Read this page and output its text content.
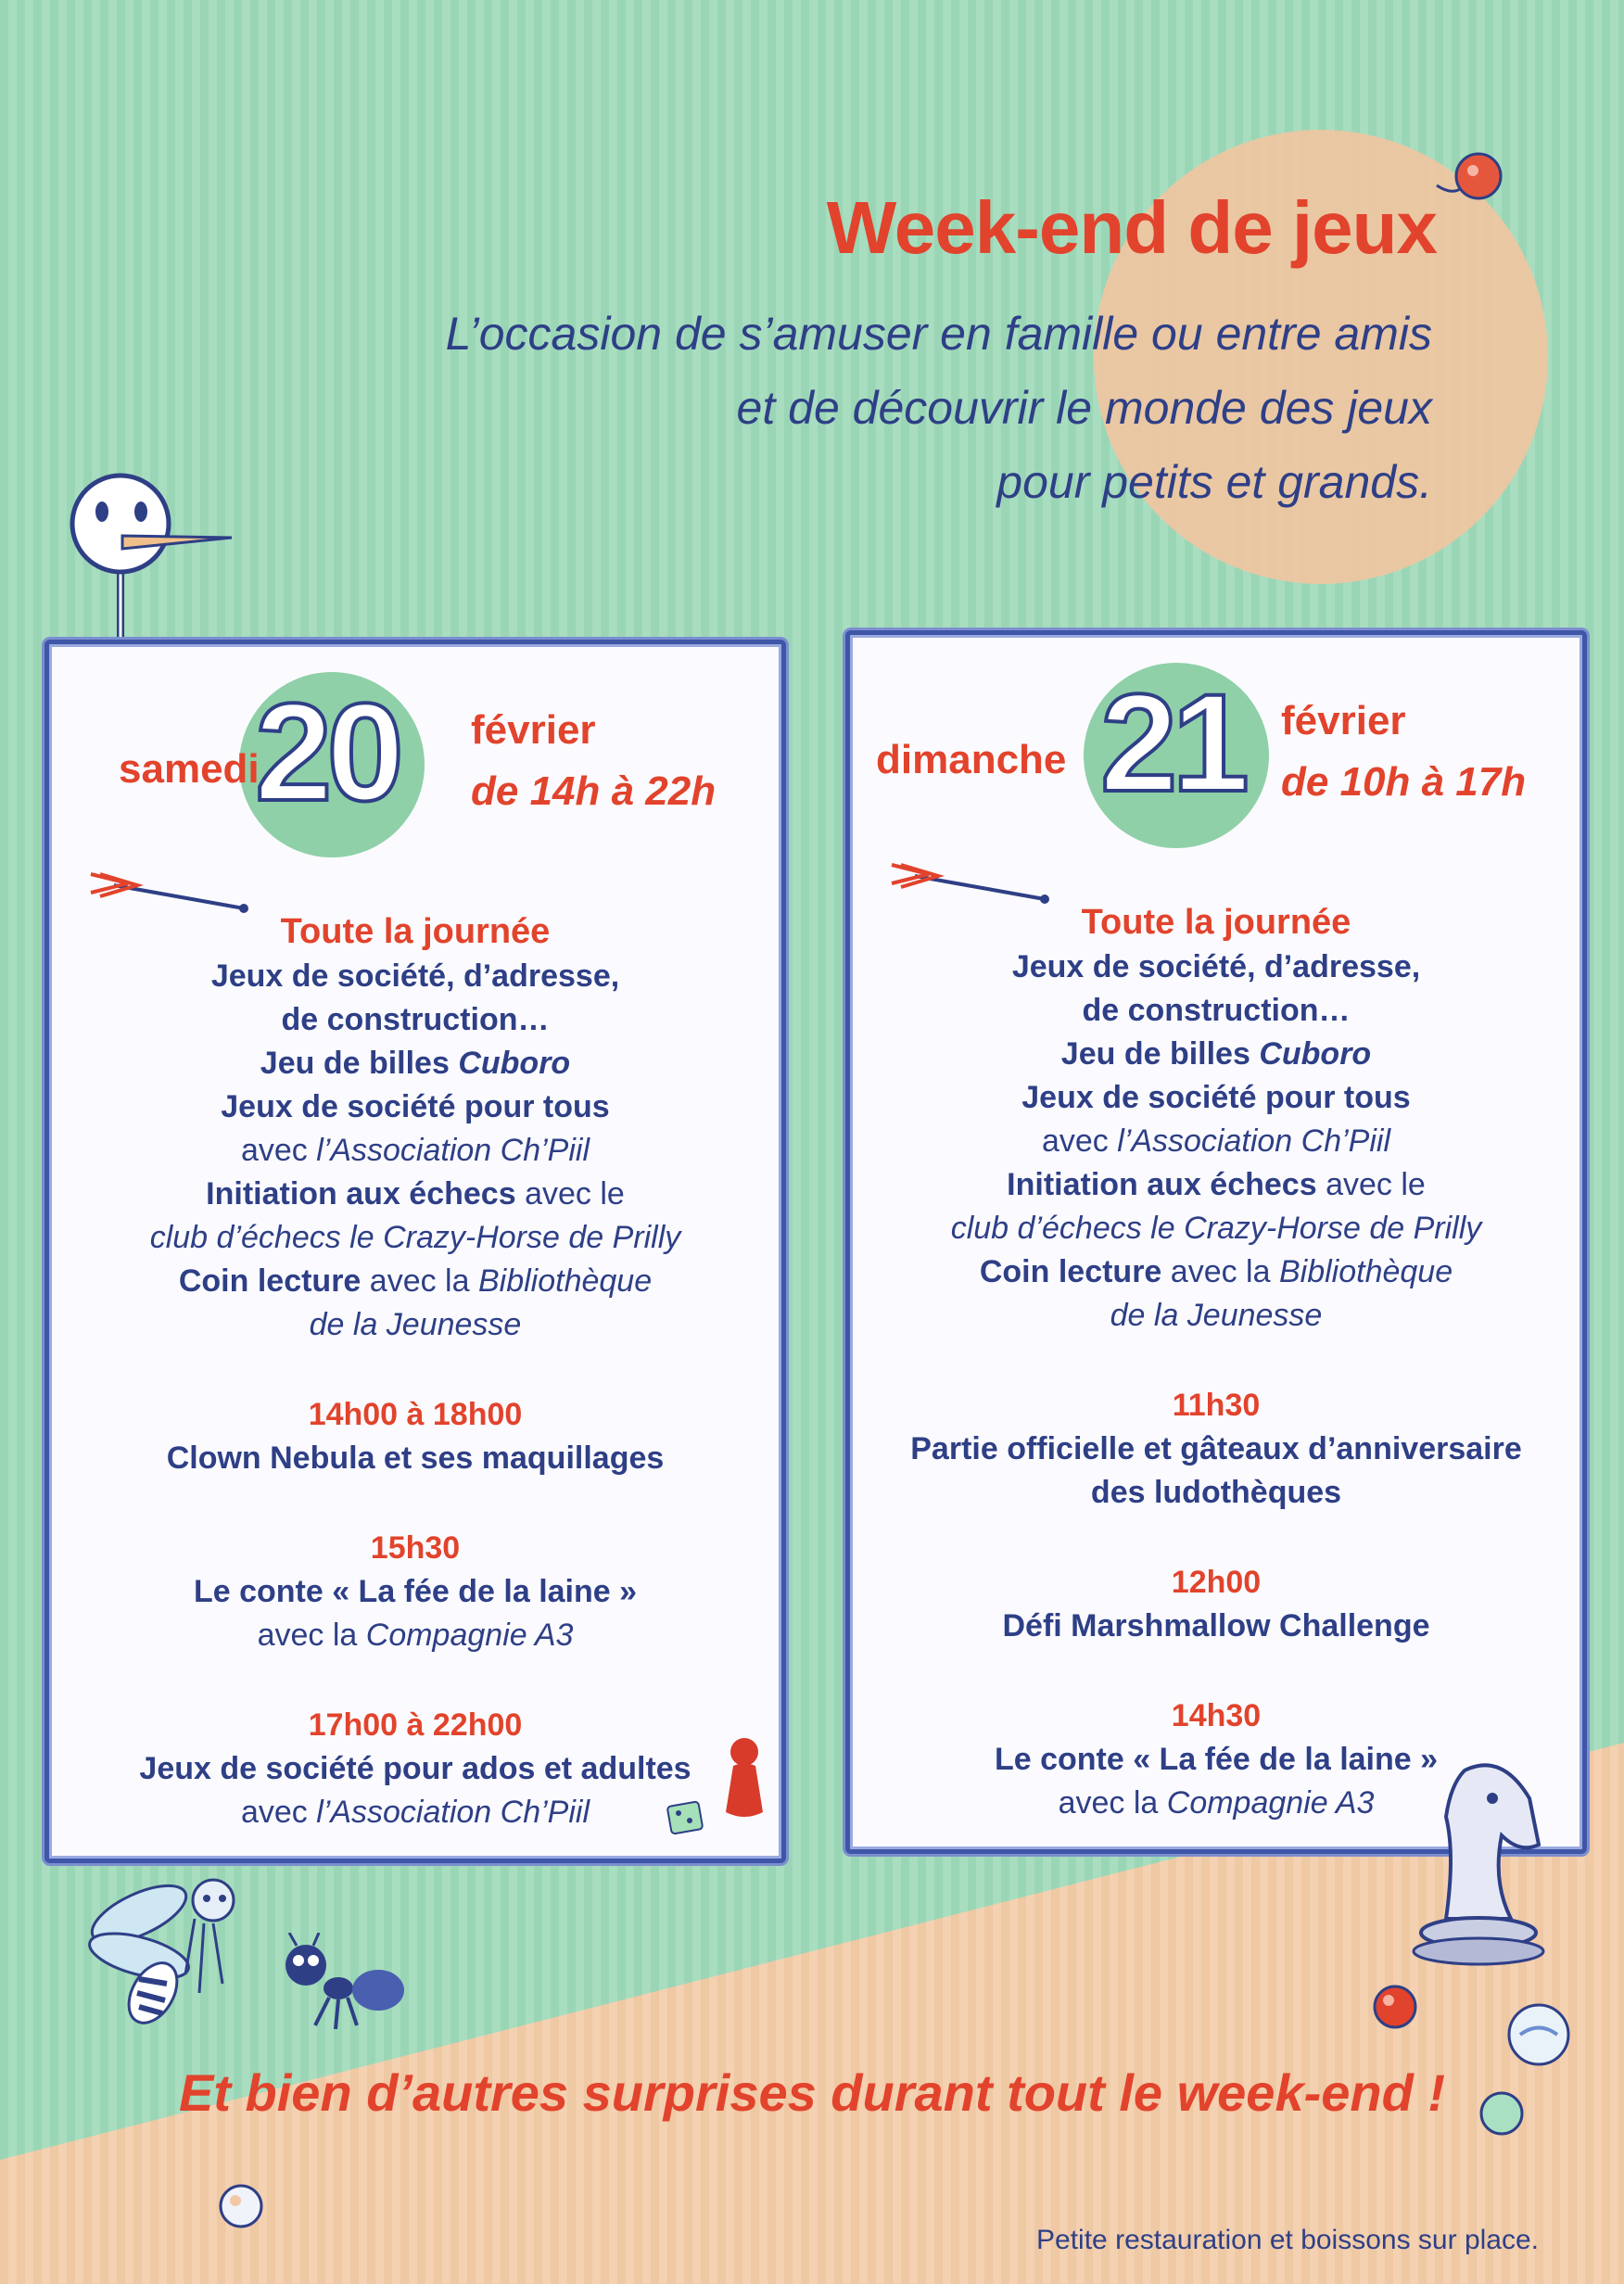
Week-end de jeux
L’occasion de s’amuser en famille ou entre amis
et de découvrir le monde des jeux
pour petits et grands.
samedi
20 février
de 14h à 22h
Toute la journée
Jeux de société, d’adresse,
de construction…
Jeu de billes Cuboro
Jeux de société pour tous
avec l’Association Ch’Piil
Initiation aux échecs avec le
club d’échecs le Crazy-Horse de Prilly
Coin lecture avec la Bibliothèque
de la Jeunesse
14h00 à 18h00
Clown Nebula et ses maquillages
15h30
Le conte « La fée de la laine »
avec la Compagnie A3
17h00 à 22h00
Jeux de société pour ados et adultes
avec l’Association Ch’Piil
dimanche 21 février
de 10h à 17h
Toute la journée
Jeux de société, d’adresse,
de construction…
Jeu de billes Cuboro
Jeux de société pour tous
avec l’Association Ch’Piil
Initiation aux échecs avec le
club d’échecs le Crazy-Horse de Prilly
Coin lecture avec la Bibliothèque
de la Jeunesse
11h30
Partie officielle et gâteaux d’anniversaire
des ludothèques
12h00
Défi Marshmallow Challenge
14h30
Le conte « La fée de la laine »
avec la Compagnie A3
Et bien d’autres surprises durant tout le week-end !
Petite restauration et boissons sur place.
